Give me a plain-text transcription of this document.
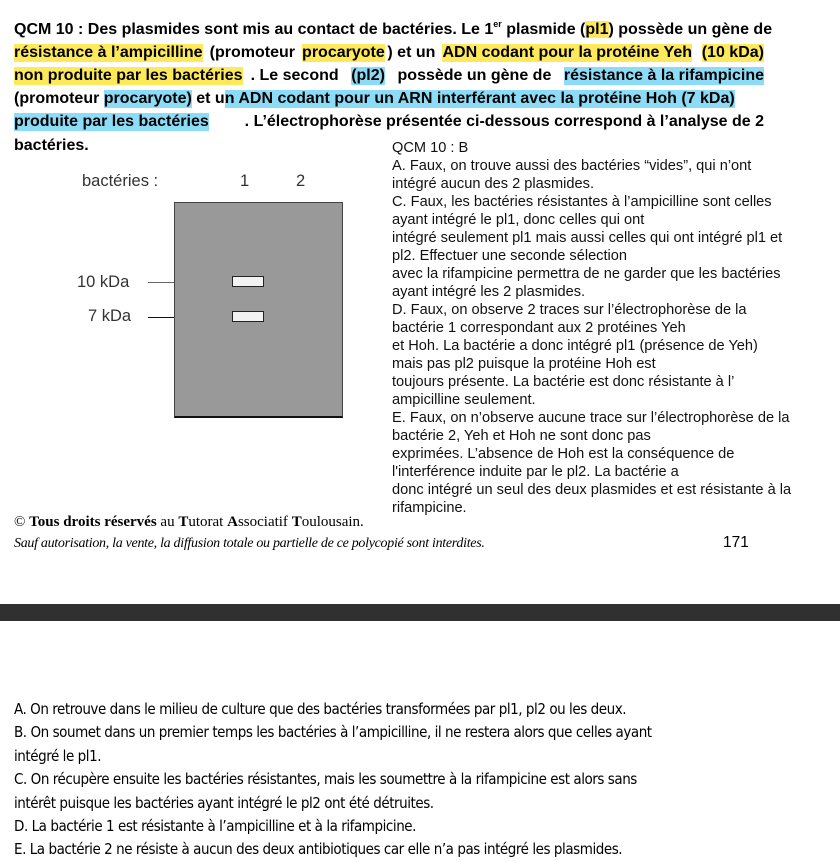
QCM 10 : Des plasmides sont mis au contact de bactéries. Le 1er plasmide (pl1) possède un gène de
résistance à l’ampicilline (promoteur procaryote ) et un ADN codant pour la protéine Yeh
(10 kDa)
non produite par les bactéries . Le second (pl2) possède un gène de résistance à la rifampicine
(promoteur procaryote) et u n ADN codant pour un ARN interférant avec la protéine Hoh (7 kDa)
produite par les bactéries . L’électrophorèse présentée ci-dessous correspond à l’analyse de 2
bactéries.
bactéries :	1	2
10 kDa
7 kDa
QCM 10 : B
A. Faux, on trouve aussi des bactéries “vides”, qui n’ont
intégré aucun des 2 plasmides.
C. Faux, les bactéries résistantes à l’ampicilline sont celles
ayant intégré le pl1, donc celles qui ont
intégré seulement pl1 mais aussi celles qui ont intégré pl1 et
pl2. Effectuer une seconde sélection
avec la rifampicine permettra de ne garder que les bactéries
ayant intégré les 2 plasmides.
D. Faux, on observe 2 traces sur l’électrophorèse de la
bactérie 1 correspondant aux 2 protéines Yeh
et Hoh. La bactérie a donc intégré pl1 (présence de Yeh)
mais pas pl2 puisque la protéine Hoh est
toujours présente. La bactérie est donc résistante à l’
ampicilline seulement.
E. Faux, on n’observe aucune trace sur l’électrophorèse de la
bactérie 2, Yeh et Hoh ne sont donc pas
exprimées. L’absence de Hoh est la conséquence de
l'interférence induite par le pl2. La bactérie a
donc intégré un seul des deux plasmides et est résistante à la
rifampicine.
© Tous droits réservés au Tutorat Associatif Toulousain.
Sauf autorisation, la vente, la diffusion totale ou partielle de ce polycopié sont interdites.	171
A. On retrouve dans le milieu de culture que des bactéries transformées par pl1, pl2 ou les deux.
B. On soumet dans un premier temps les bactéries à l’ampicilline, il ne restera alors que celles ayant
intégré le pl1.
C. On récupère ensuite les bactéries résistantes, mais les soumettre à la rifampicine est alors sans
intérêt puisque les bactéries ayant intégré le pl2 ont été détruites.
D. La bactérie 1 est résistante à l’ampicilline et à la rifampicine.
E. La bactérie 2 ne résiste à aucun des deux antibiotiques car elle n’a pas intégré les plasmides.
